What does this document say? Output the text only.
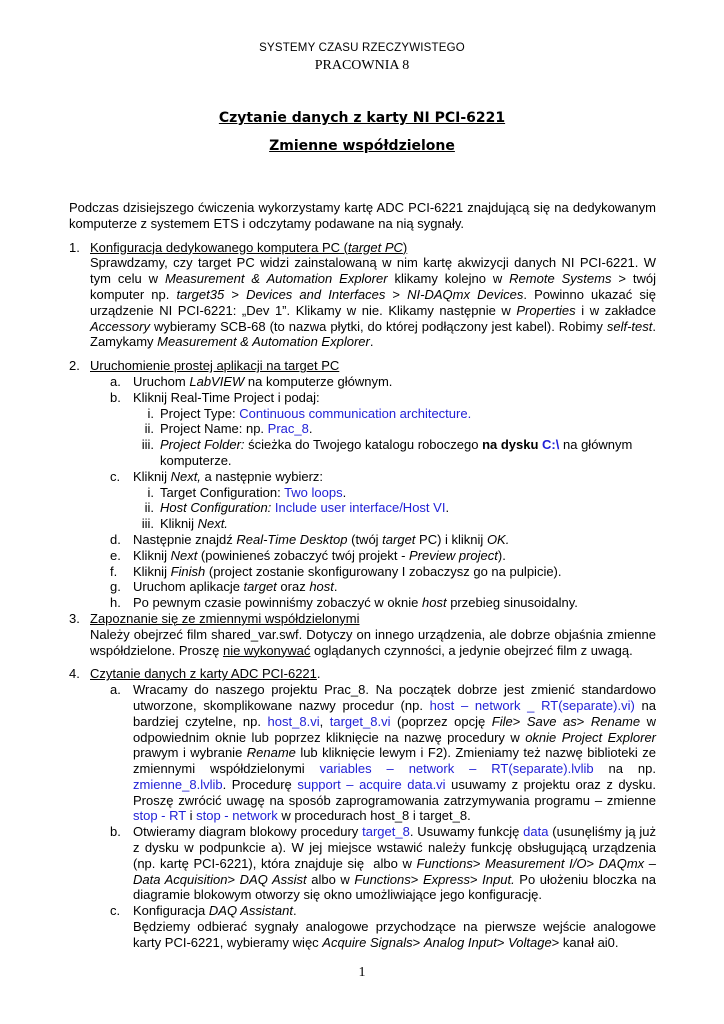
SYSTEMY CZASU RZECZYWISTEGO
PRACOWNIA 8
Czytanie danych z karty NI PCI-6221
Zmienne współdzielone

Podczas dzisiejszego ćwiczenia wykorzystamy kartę ADC PCI-6221 znajdującą się na dedykowanym komputerze z systemem ETS i odczytamy podawane na nią sygnały.

1. Konfiguracja dedykowanego komputera PC (target PC)
Sprawdzamy, czy target PC widzi zainstalowaną w nim kartę akwizycji danych NI PCI-6221. W tym celu w Measurement & Automation Explorer klikamy kolejno w Remote Systems > twój komputer np. target35 > Devices and Interfaces > NI-DAQmx Devices. Powinno ukazać się urządzenie NI PCI-6221: „Dev 1”. Klikamy w nie. Klikamy następnie w Properties i w zakładce Accessory wybieramy SCB-68 (to nazwa płytki, do której podłączony jest kabel). Robimy self-test. Zamykamy Measurement & Automation Explorer.
2. Uruchomienie prostej aplikacji na target PC
a. Uruchom LabVIEW na komputerze głównym.
b. Kliknij Real-Time Project i podaj:
i. Project Type: Continuous communication architecture.
ii. Project Name: np. Prac_8.
iii. Project Folder: ścieżka do Twojego katalogu roboczego na dysku C:\ na głównym komputerze.
c. Kliknij Next, a następnie wybierz:
i. Target Configuration: Two loops.
ii. Host Configuration: Include user interface/Host VI.
iii. Kliknij Next.
d. Następnie znajdź Real-Time Desktop (twój target PC) i kliknij OK.
e. Kliknij Next (powinieneś zobaczyć twój projekt - Preview project).
f.	Kliknij Finish (project zostanie skonfigurowany I zobaczysz go na pulpicie).
g. Uruchom aplikacje target oraz host.
h. Po pewnym czasie powinniśmy zobaczyć w oknie host przebieg sinusoidalny.
3. Zapoznanie się ze zmiennymi współdzielonymi
Należy obejrzeć film shared_var.swf. Dotyczy on innego urządzenia, ale dobrze objaśnia zmienne współdzielone. Proszę nie wykonywać oglądanych czynności, a jedynie obejrzeć film z uwagą.
4. Czytanie danych z karty ADC PCI-6221.
a. Wracamy do naszego projektu Prac_8. Na początek dobrze jest zmienić standardowo utworzone, skomplikowane nazwy procedur (np. host – network _ RT(separate).vi) na bardziej czytelne, np. host_8.vi, target_8.vi (poprzez opcję File> Save as> Rename w odpowiednim oknie lub poprzez kliknięcie na nazwę procedury w oknie Project Explorer prawym i wybranie Rename lub kliknięcie lewym i F2). Zmieniamy też nazwę biblioteki ze zmiennymi współdzielonymi variables – network – RT(separate).lvlib na np. zmienne_8.lvlib. Procedurę support – acquire data.vi usuwamy z projektu oraz z dysku. Proszę zwrócić uwagę na sposób zaprogramowania zatrzymywania programu – zmienne stop - RT i stop - network w procedurach host_8 i target_8.
b. Otwieramy diagram blokowy procedury target_8. Usuwamy funkcję data (usunęliśmy ją już z dysku w podpunkcie a). W jej miejsce wstawić należy funkcję obsługującą urządzenia (np. kartę PCI-6221), która znajduje się  albo w Functions> Measurement I/O> DAQmx – Data Acquisition> DAQ Assist albo w Functions> Express> Input. Po ułożeniu bloczka na diagramie blokowym otworzy się okno umożliwiające jego konfigurację.
c. Konfiguracja DAQ Assistant.
Będziemy odbierać sygnały analogowe przychodzące na pierwsze wejście analogowe karty PCI-6221, wybieramy więc Acquire Signals> Analog Input> Voltage> kanał ai0.
1
